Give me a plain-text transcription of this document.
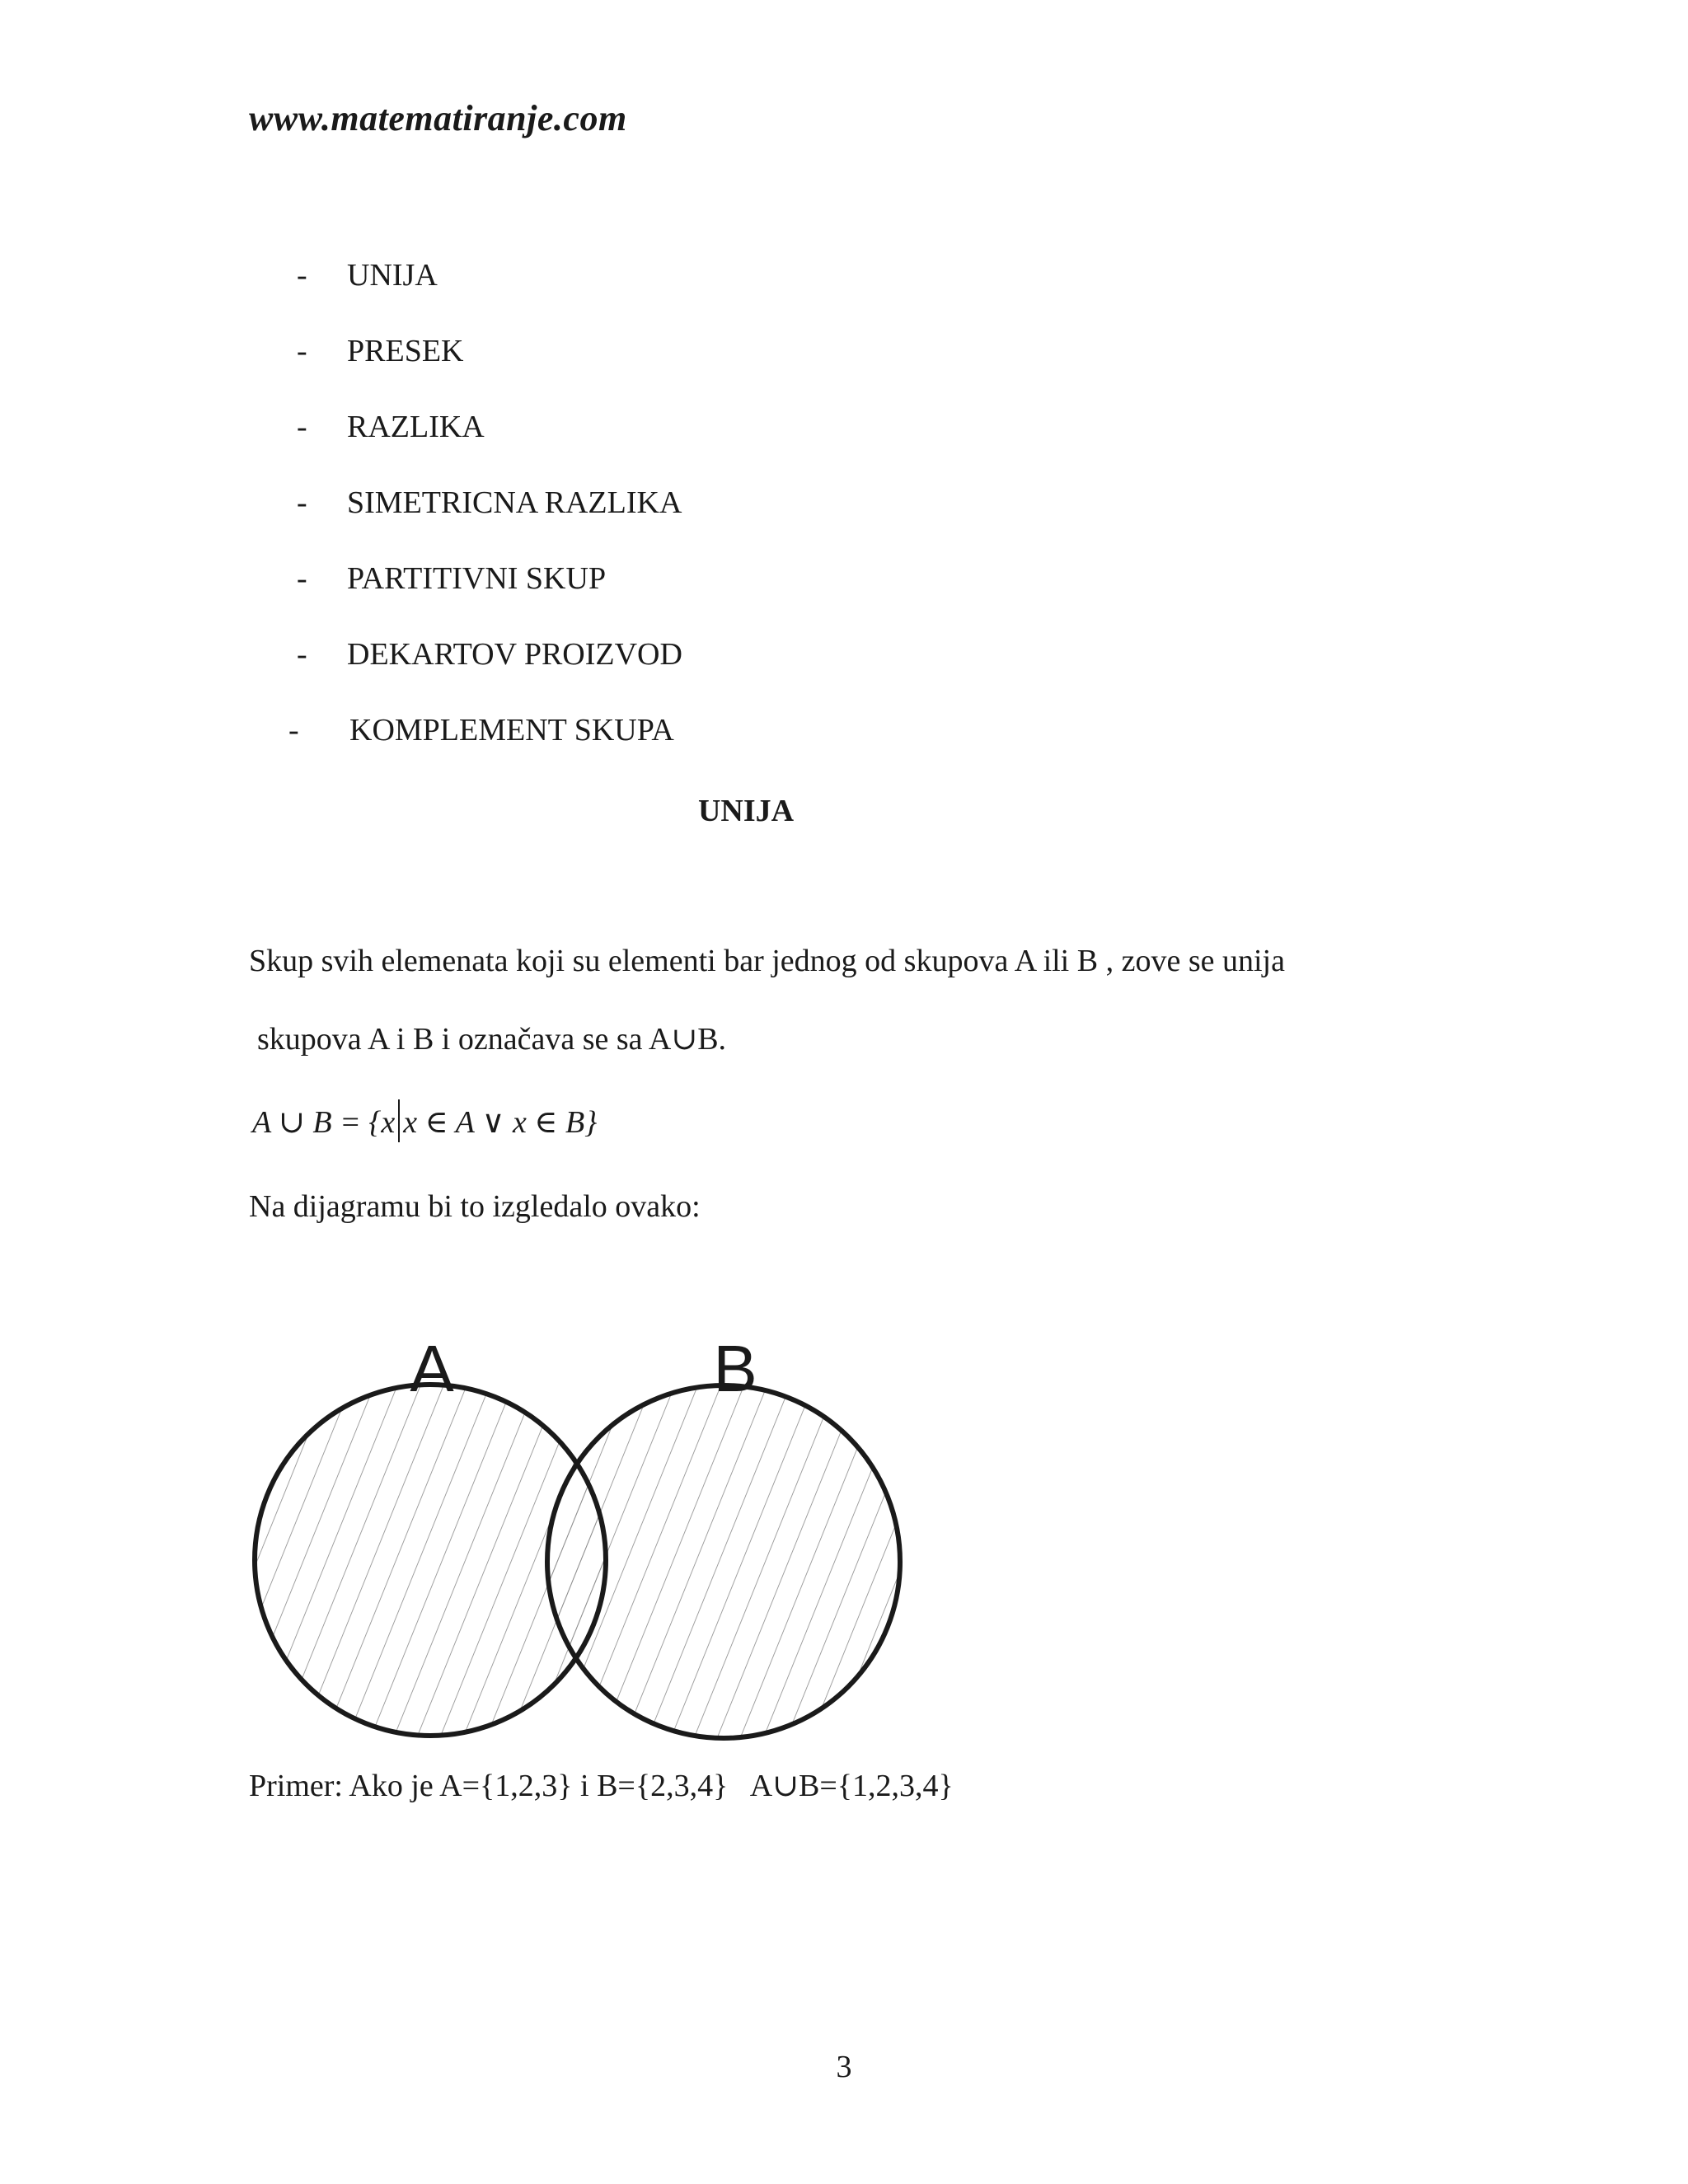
www.matematiranje.com
- UNIJA
- PRESEK
- RAZLIKA
- SIMETRICNA RAZLIKA
- PARTITIVNI SKUP
- DEKARTOV PROIZVOD
- KOMPLEMENT SKUPA
UNIJA
Skup svih elemenata koji su elementi bar jednog od skupova A ili B , zove se unija
skupova A i B i označava se sa A∪B.
A ∪ B = {x x ∈ A ∨ x ∈ B}
Na dijagramu bi to izgledalo ovako:
A	B
Primer: Ako je A={1,2,3} i B={2,3,4}   A∪B={1,2,3,4}
3
